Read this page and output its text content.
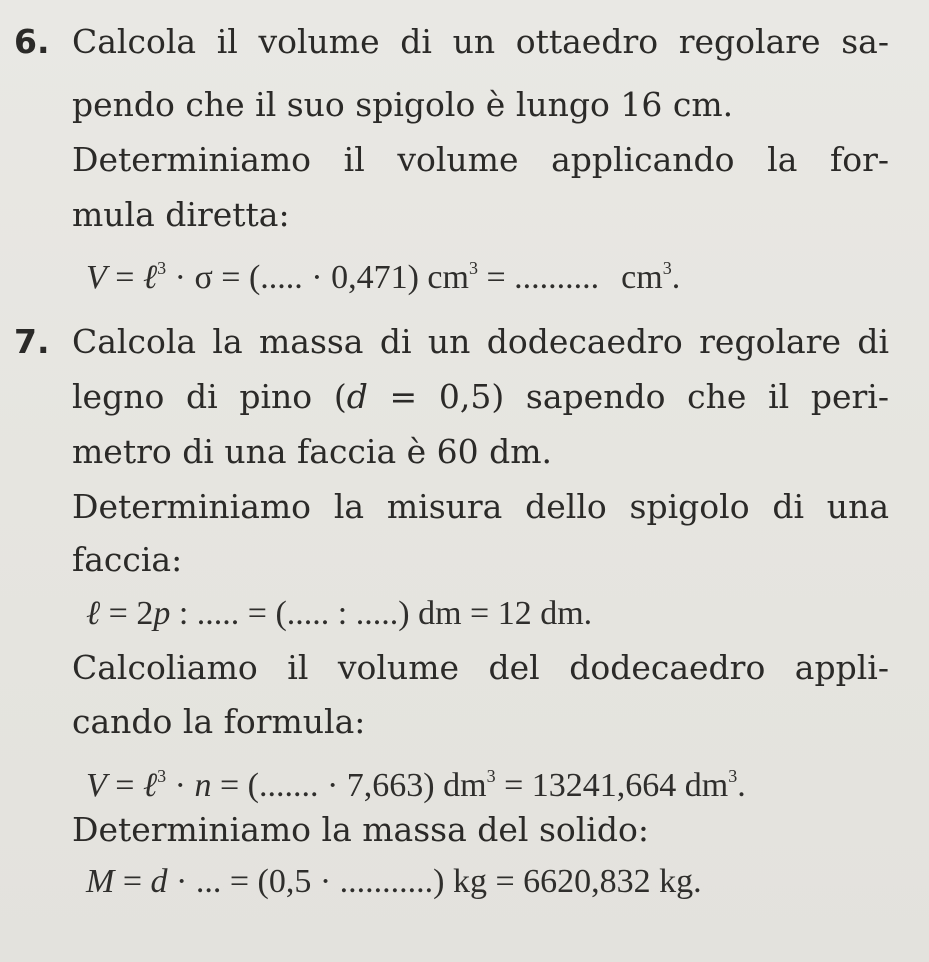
6. Calcola il volume di un ottaedro regolare sa-
pendo che il suo spigolo è lungo 16 cm.
Determiniamo il volume applicando la for-
mula diretta:
V = ℓ$^3$ · σ = (..... · 0,471) $cm^3$ = .......... $cm^3$.
7. Calcola la massa di un dodecaedro regolare di
legno di pino (d = 0,5) sapendo che il peri-
metro di una faccia è 60 dm.
Determiniamo la misura dello spigolo di una
faccia:
ℓ = 2p : ..... = (..... : .....) dm = 12 dm.
Calcoliamo il volume del dodecaedro appli-
cando la formula:
V = ℓ$^3$ · n = (....... · 7,663) $dm^3 = 13241,664$ $dm^3$.
Determiniamo la massa del solido:
M = d · ... = (0,5 · ...........) kg = 6620,832 kg.
